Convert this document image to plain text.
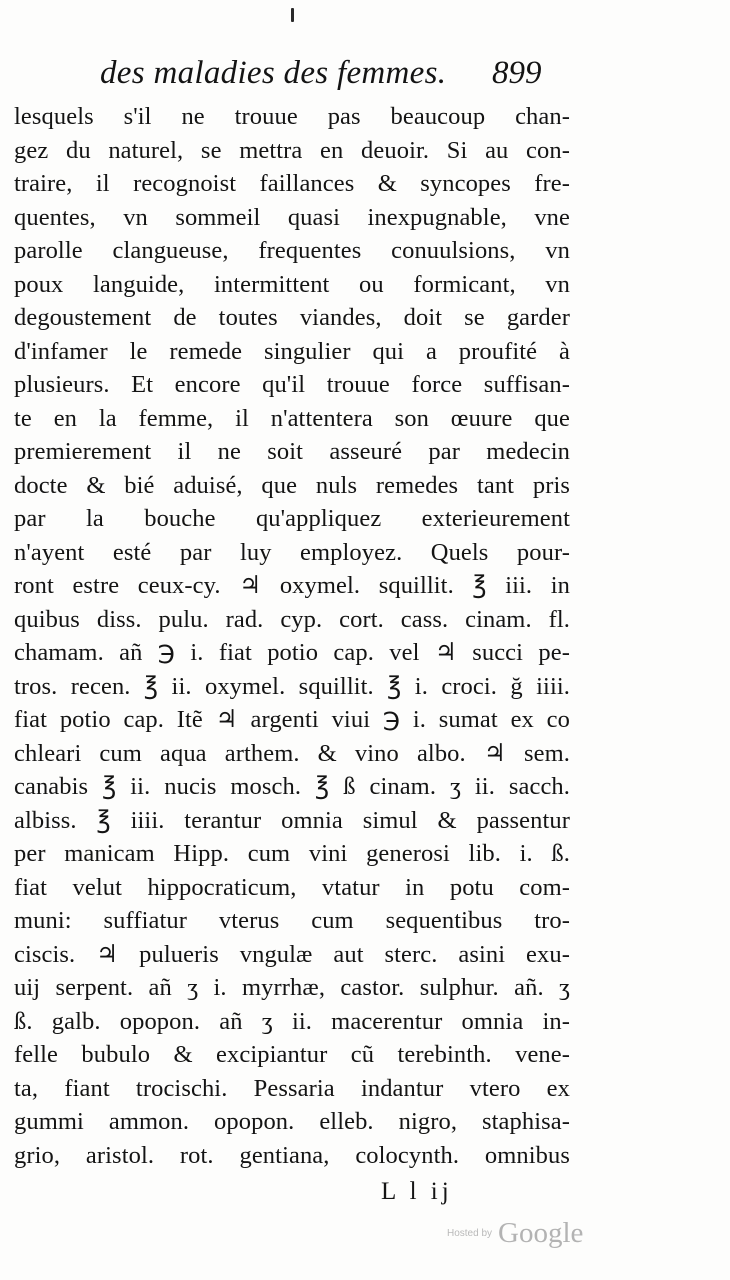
des maladies des femmes. 899
lesquels s'il ne trouue pas beaucoup chan-
gez du naturel, se mettra en deuoir. Si au con-
traire, il recognoist faillances & syncopes fre-
quentes, vn sommeil quasi inexpugnable, vne
parolle clangueuse, frequentes conuulsions, vn
poux languide, intermittent ou formicant, vn
degoustement de toutes viandes, doit se garder
d'infamer le remede singulier qui a proufité à
plusieurs. Et encore qu'il trouue force suffisan-
te en la femme, il n'attentera son œuure que
premierement il ne soit asseuré par medecin
docte & bié aduisé, que nuls remedes tant pris
par la bouche qu'appliquez exterieurement
n'ayent esté par luy employez. Quels pour-
ront estre ceux-cy. ♃ oxymel. squillit. ℥ iii. in
quibus diss. pulu. rad. cyp. cort. cass. cinam. fl.
chamam. añ ℈ i. fiat potio cap. vel ♃ succi pe-
tros. recen. ℥ ii. oxymel. squillit. ℥ i. croci. ğ iiii.
fiat potio cap. Itẽ ♃ argenti viui ℈ i. sumat ex co
chleari cum aqua arthem. & vino albo. ♃ sem.
canabis ℥ ii. nucis mosch. ℥ ß cinam. ʒ ii. sacch.
albiss. ℥ iiii. terantur omnia simul & passentur
per manicam Hipp. cum vini generosi lib. i. ß.
fiat velut hippocraticum, vtatur in potu com-
muni: suffiatur vterus cum sequentibus tro-
ciscis. ♃ pulueris vngulæ aut sterc. asini exu-
uij serpent. añ ʒ i. myrrhæ, castor. sulphur. añ. ʒ
ß. galb. opopon. añ ʒ ii. macerentur omnia in-
felle bubulo & excipiantur cũ terebinth. vene-
ta, fiant trocischi. Pessaria indantur vtero ex
gummi ammon. opopon. elleb. nigro, staphisa-
grio, aristol. rot. gentiana, colocynth. omnibus
L l ij
Hosted by Google
